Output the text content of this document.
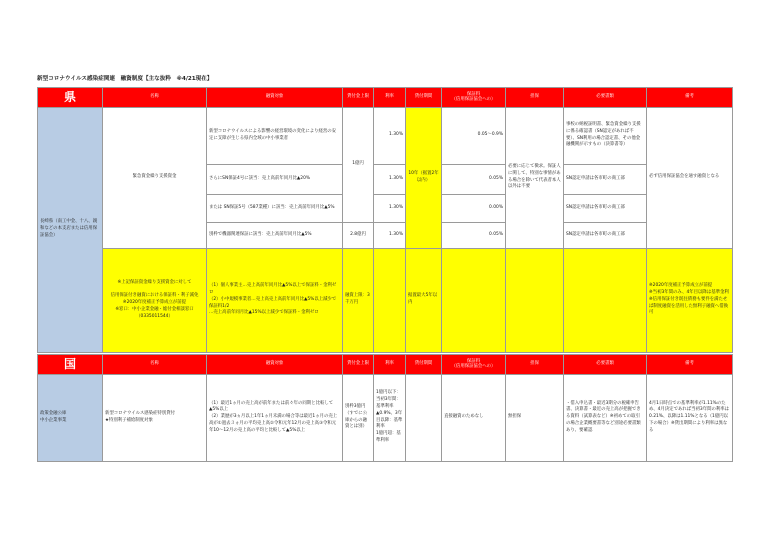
新型コロナウイルス感染症関連　融資制度【主な抜粋　※4/21現在】
県	名称	融資対象	貸付金上限	利率	貸付期間	保証料
（信用保証協会への）	担保	必要書類	備考
長崎県（南工中金、十八、親和などの本支店または信用保証協会）	緊急資金繰り支援資金	新型コロナウイルスによる影響の経営環境の変化により経営の安定に支障が生じる県内全域の中小事業者	1億円	1.30%	10年（据置2年以内）	0.05〜0.9%	必要に応じて徴求。保証人に関して、特別な事情がある場合を除いて代表者本人以外は不要	事校の納税証明書、緊急資金繰り支援に係る確認書（SN認定があれば不要）、SN利用の場合認定書、その他金融機関が示すもの（決算書等）	必ず信用保証協会を通す融資となる
		さらにSN保証4号に該当：売上高前年同月比▲20%		1.30%		0.05%		SN認定申請は各市町の商工部	
		または SN保証5号（587業種）に該当：売上高前年同月比▲5%		1.30%		0.00%		SN認定申請は各市町の商工部	
		別枠で機器関連保証に該当：売上高前年同月比▲5%	2.8億円	1.30%		0.05%		SN認定申請は各市町の商工部	
	※上記保証資金繰り支援資金に対して

信用保証付き融資における保証料・利子減免
※2020年度補正予算成立が前提
※窓口：中小企業金融・総付金相談窓口（0335011544）	（1）個人事業主…売上高前年同月比▲5%以上で保証料・金利ゼロ
（2）小中規模事業者…売上高売上高前年同月比▲5%以上減少で保証料1/2
…売上高前年同月比▲15%以上減少で保証料・金利ゼロ	融資上限：3千万円		据置最大5年以内				※2020年度補正予算成立が前提
※当初3年間のみ、4年目以降は基準金利
※信用保証付き既往債務も要件を満たせば制度融資を活用した無利子融資へ借換可
国	名称	融資対象	貸付金上限	利率	貸付期間	保証料
（信用保証協会への）	担保	必要書類	備考
政策金融公庫
中小企業事業	新型コロナウイルス感染症特別貸付
★特別利子補給制度対象	（1）最近1ヵ月の売上高が前年または前々年の同期と比較して▲5%以上
（2）業歴が3ヵ月以上1年1ヵ月未満の場合等は最近1ヵ月の売上高が①過去３ヵ月の平均売上高②令和元年12月の売上高③令和元年10〜12月の売上高の平均と比較して▲5%以上	別枠3億円（すでに公庫からの融資とは別）	1億円以下：当初3年間：基準利率▲0.9%、3年目以降：基準利率
1億円超：基準利率		直接融資のためなし	無担保	・借入申込書・最近3期分の税確申告書、決算書・最近の売上高が把握できる資料（試算表など）※初めての取引の場合企業概要書等など別途必要書類あり、要確認	4月1日時点での基準利率が1.11%のため、4月決定であれば当初3年間の利率は0.21%、以降は1.11%となる（1億円以下の場合）※貸出期間により利率は異なる
